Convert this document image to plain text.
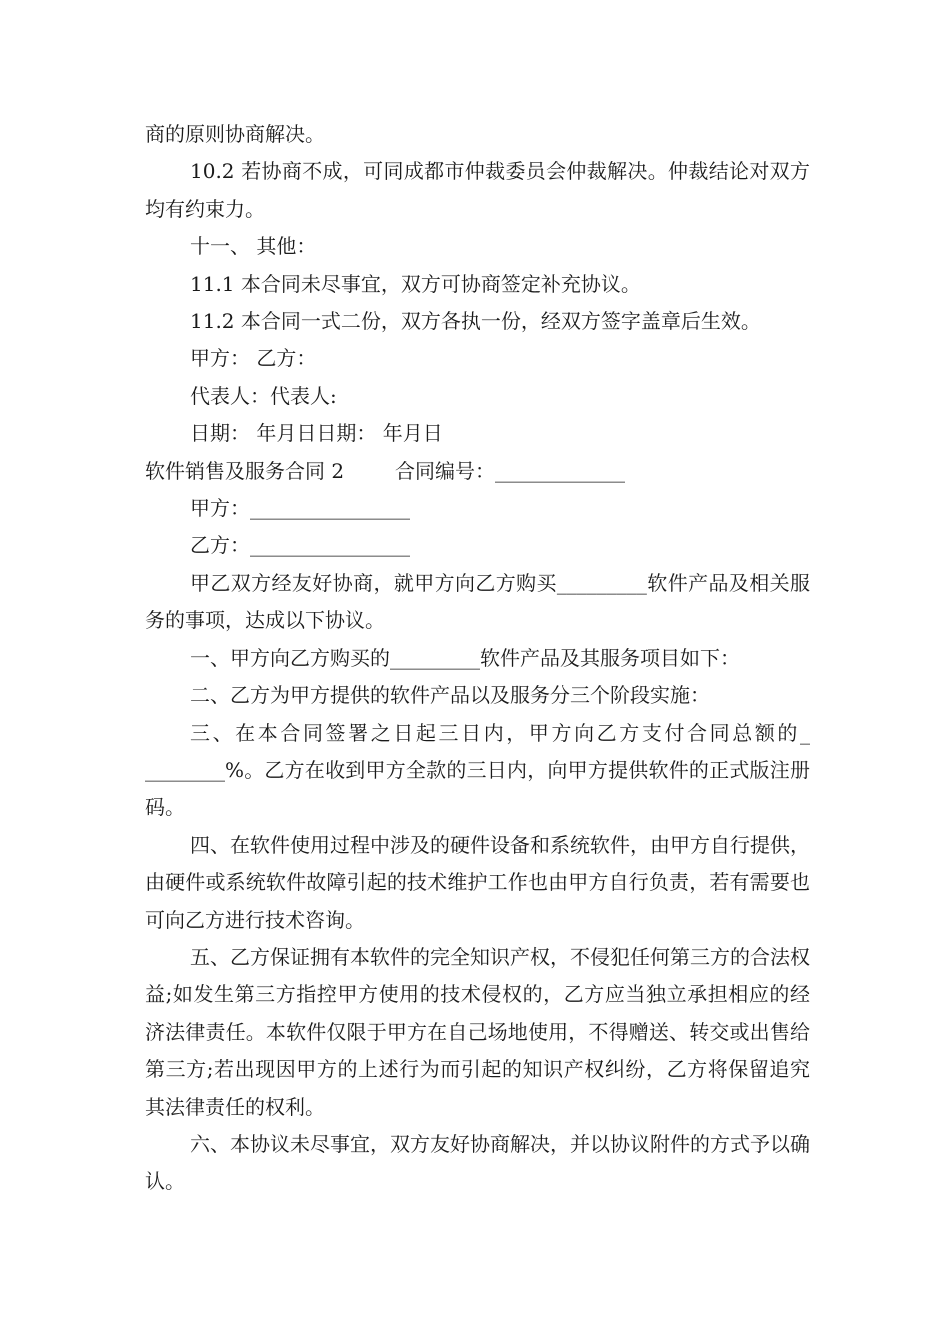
商的原则协商解决。

10.2 若协商不成，可同成都市仲裁委员会仲裁解决。仲裁结论对双方均有约束力。

十一、 其他：

11.1 本合同未尽事宜，双方可协商签定补充协议。

11.2 本合同一式二份，双方各执一份，经双方签字盖章后生效。

甲方： 乙方：

代表人：代表人:

日期： 年月日日期： 年月日

软件销售及服务合同 2        合同编号：_____________

甲方：________________

乙方：________________

甲乙双方经友好协商，就甲方向乙方购买_________软件产品及相关服务的事项，达成以下协议。

一、甲方向乙方购买的_________软件产品及其服务项目如下：

二、乙方为甲方提供的软件产品以及服务分三个阶段实施：

三、在本合同签署之日起三日内，甲方向乙方支付合同总额的_ ________%。乙方在收到甲方全款的三日内，向甲方提供软件的正式版注册码。

四、在软件使用过程中涉及的硬件设备和系统软件，由甲方自行提供，由硬件或系统软件故障引起的技术维护工作也由甲方自行负责，若有需要也可向乙方进行技术咨询。

五、乙方保证拥有本软件的完全知识产权，不侵犯任何第三方的合法权益;如发生第三方指控甲方使用的技术侵权的，乙方应当独立承担相应的经济法律责任。本软件仅限于甲方在自己场地使用，不得赠送、转交或出售给第三方;若出现因甲方的上述行为而引起的知识产权纠纷，乙方将保留追究其法律责任的权利。

六、本协议未尽事宜，双方友好协商解决，并以协议附件的方式予以确认。
